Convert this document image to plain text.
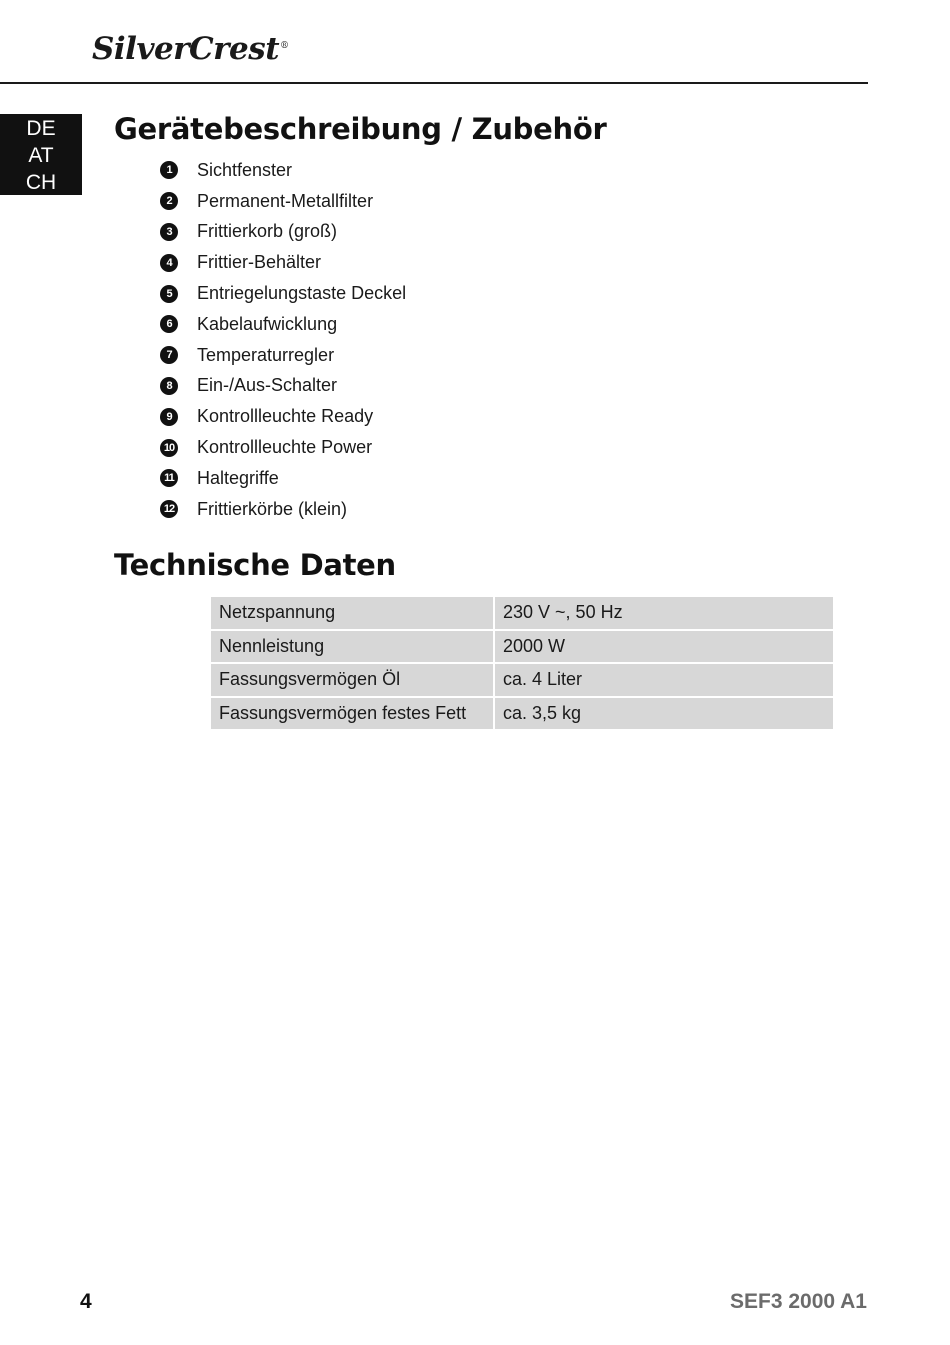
SilverCrest®
DE
AT
CH
Gerätebeschreibung / Zubehör
1	Sichtfenster
2	Permanent-Metallfilter
3	Frittierkorb (groß)
4	Frittier-Behälter
5	Entriegelungstaste Deckel
6	Kabelaufwicklung
7	Temperaturregler
8	Ein-/Aus-Schalter
9	Kontrollleuchte Ready
10 Kontrollleuchte Power
11 Haltegriffe
12 Frittierkörbe (klein)
Technische Daten
Netzspannung	230 V ~, 50 Hz
Nennleistung	2000 W
Fassungsvermögen Öl	ca. 4 Liter
Fassungsvermögen festes Fett	ca. 3,5 kg
4	SEF3 2000 A1
